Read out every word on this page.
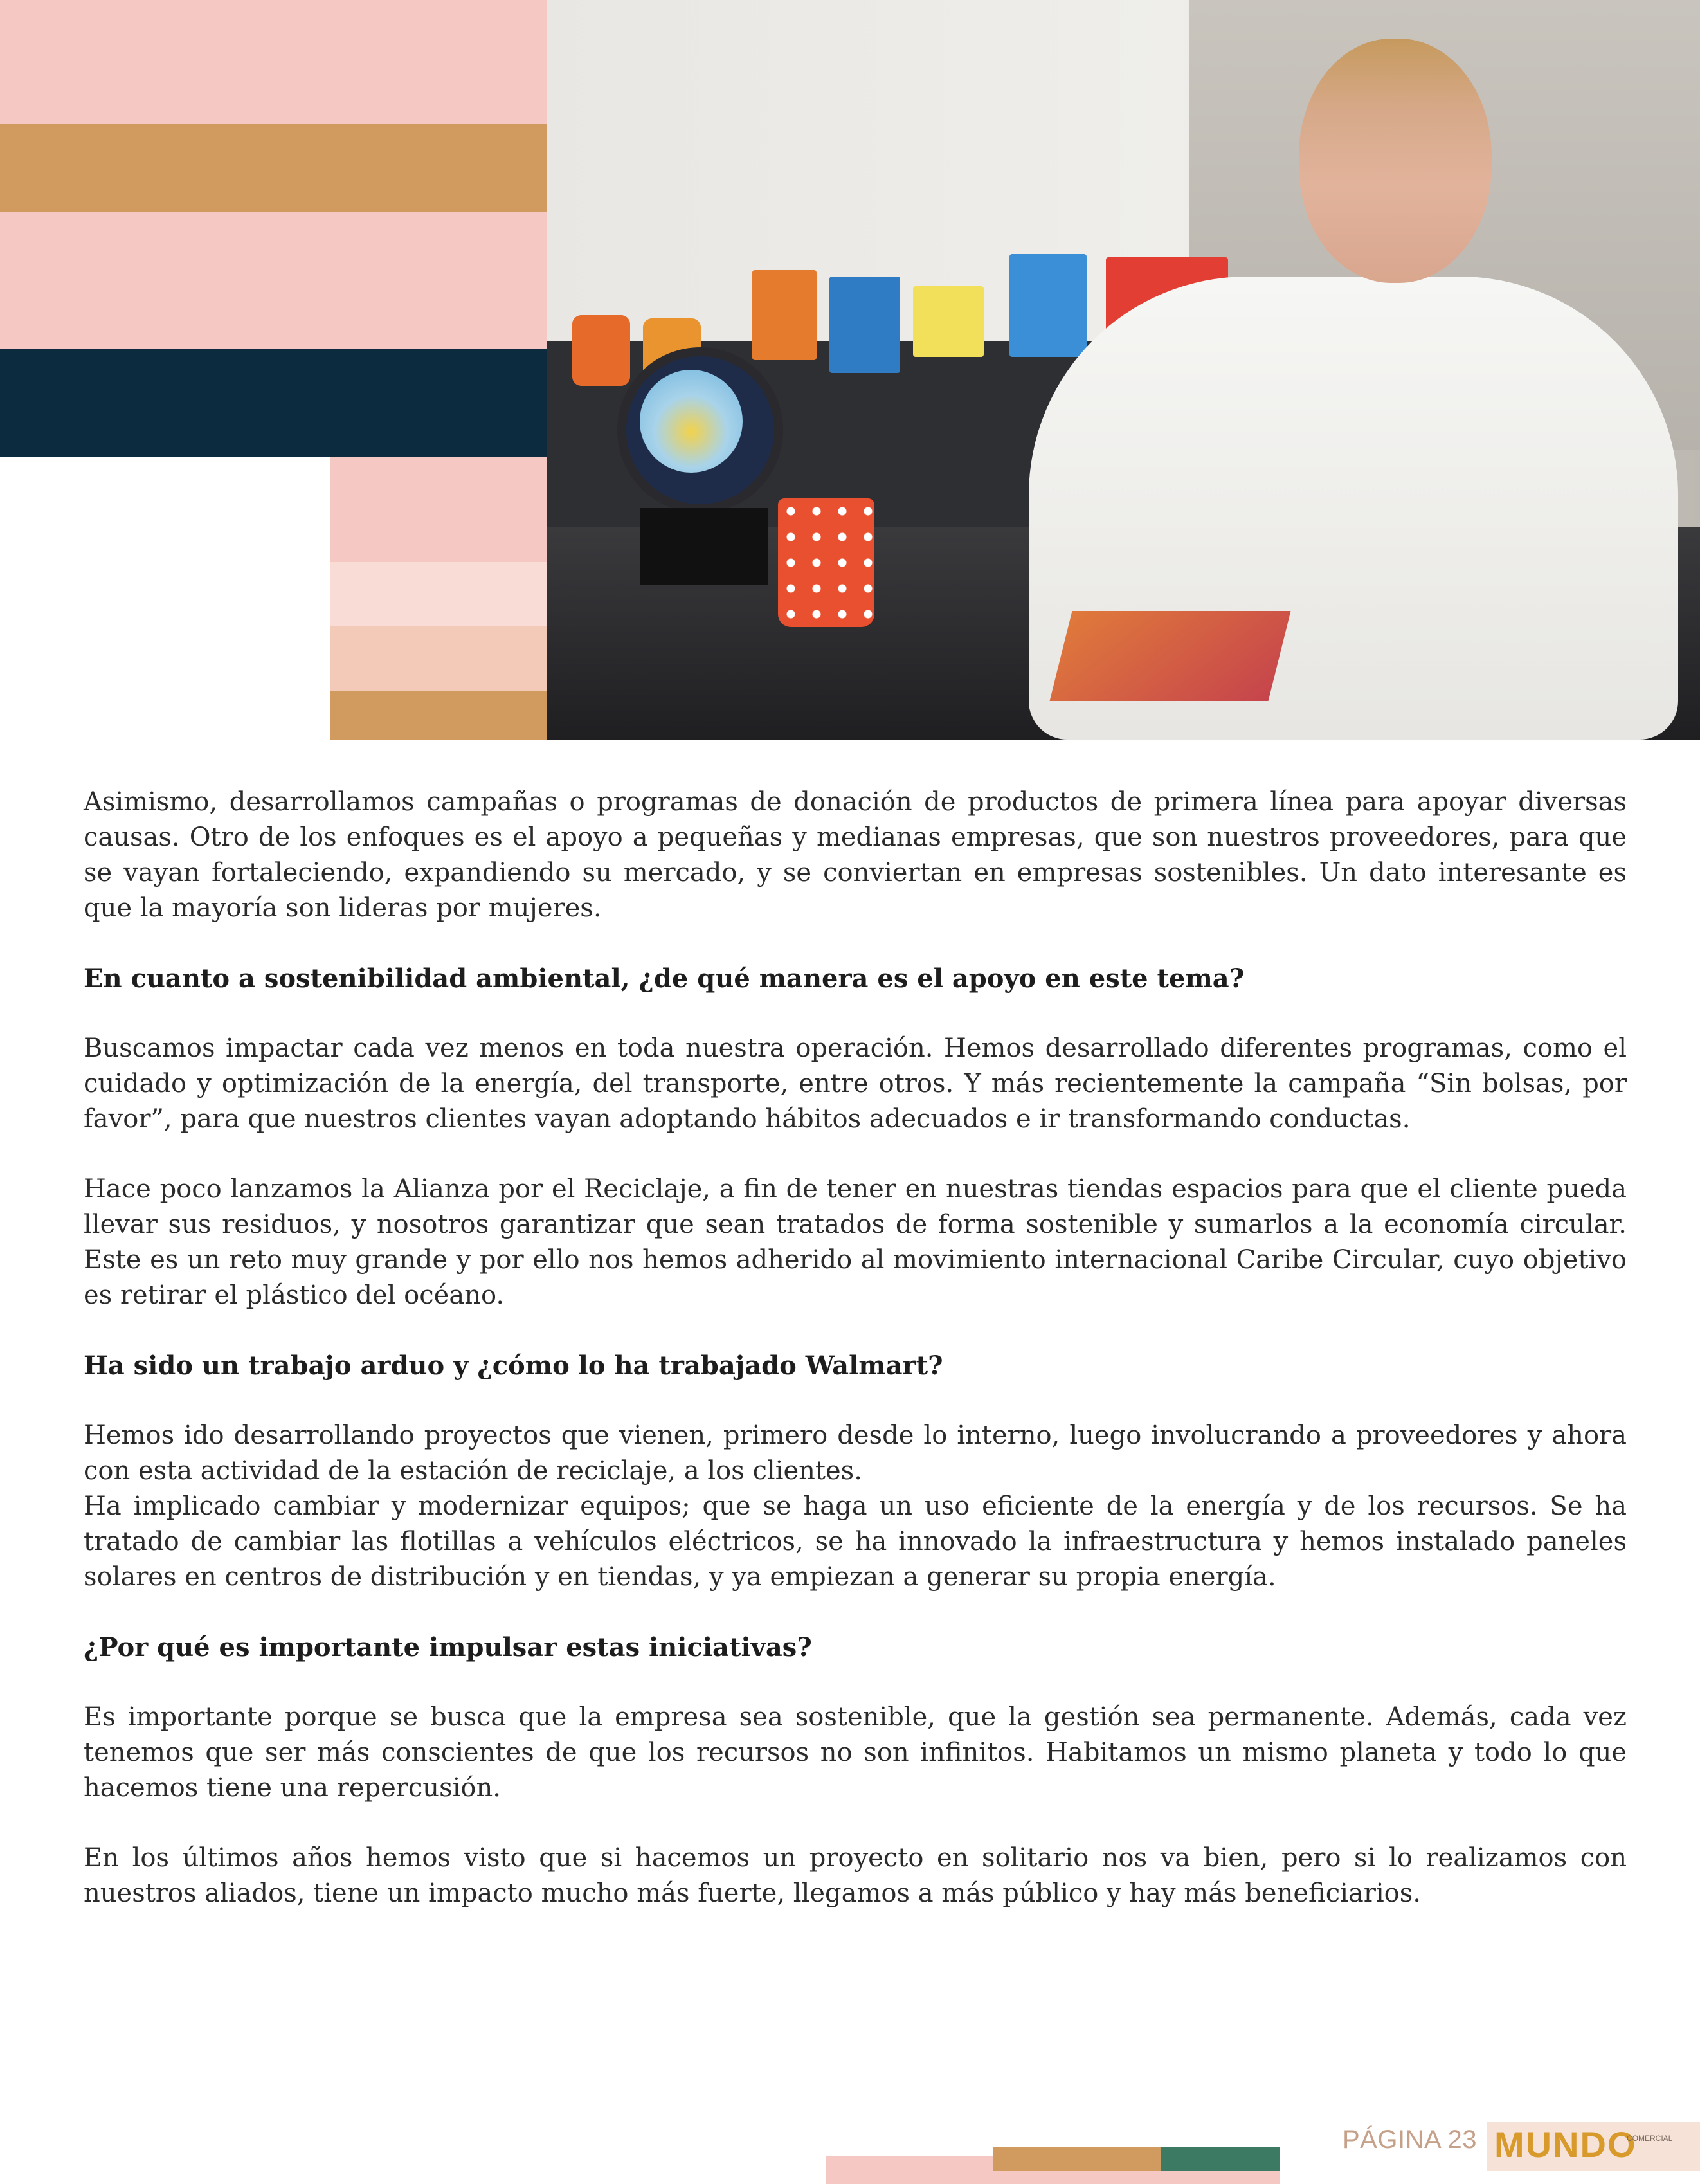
Asimismo, desarrollamos campañas o programas de donación de productos de primera línea para apoyar diversas causas. Otro de los enfoques es el apoyo a pequeñas y medianas empresas, que son nuestros proveedores, para que se vayan fortaleciendo, expandiendo su mercado, y se conviertan en empresas sostenibles. Un dato interesante es que la mayoría son lideras por mujeres.

En cuanto a sostenibilidad ambiental, ¿de qué manera es el apoyo en este tema?

Buscamos impactar cada vez menos en toda nuestra operación. Hemos desarrollado diferentes programas, como el cuidado y optimización de la energía, del transporte, entre otros. Y más recientemente la campaña “Sin bolsas, por favor”, para que nuestros clientes vayan adoptando hábitos adecuados e ir transformando conductas.

Hace poco lanzamos la Alianza por el Reciclaje, a fin de tener en nuestras tiendas espacios para que el cliente pueda llevar sus residuos, y nosotros garantizar que sean tratados de forma sostenible y sumarlos a la economía circular. Este es un reto muy grande y por ello nos hemos adherido al movimiento internacional Caribe Circular, cuyo objetivo es retirar el plástico del océano.

Ha sido un trabajo arduo y ¿cómo lo ha trabajado Walmart?

Hemos ido desarrollando proyectos que vienen, primero desde lo interno, luego involucrando a proveedores y ahora con esta actividad de la estación de reciclaje, a los clientes.

Ha implicado cambiar y modernizar equipos; que se haga un uso eficiente de la energía y de los recursos. Se ha tratado de cambiar las flotillas a vehículos eléctricos, se ha innovado la infraestructura y hemos instalado paneles solares en centros de distribución y en tiendas, y ya empiezan a generar su propia energía.

¿Por qué es importante impulsar estas iniciativas?

Es importante porque se busca que la empresa sea sostenible, que la gestión sea permanente. Además, cada vez tenemos que ser más conscientes de que los recursos no son infinitos. Habitamos un mismo planeta y todo lo que hacemos tiene una repercusión.

En los últimos años hemos visto que si hacemos un proyecto en solitario nos va bien, pero si lo realizamos con nuestros aliados, tiene un impacto mucho más fuerte, llegamos a más público y hay más beneficiarios.

PÁGINA 23 MUNDO
COMERCIAL
